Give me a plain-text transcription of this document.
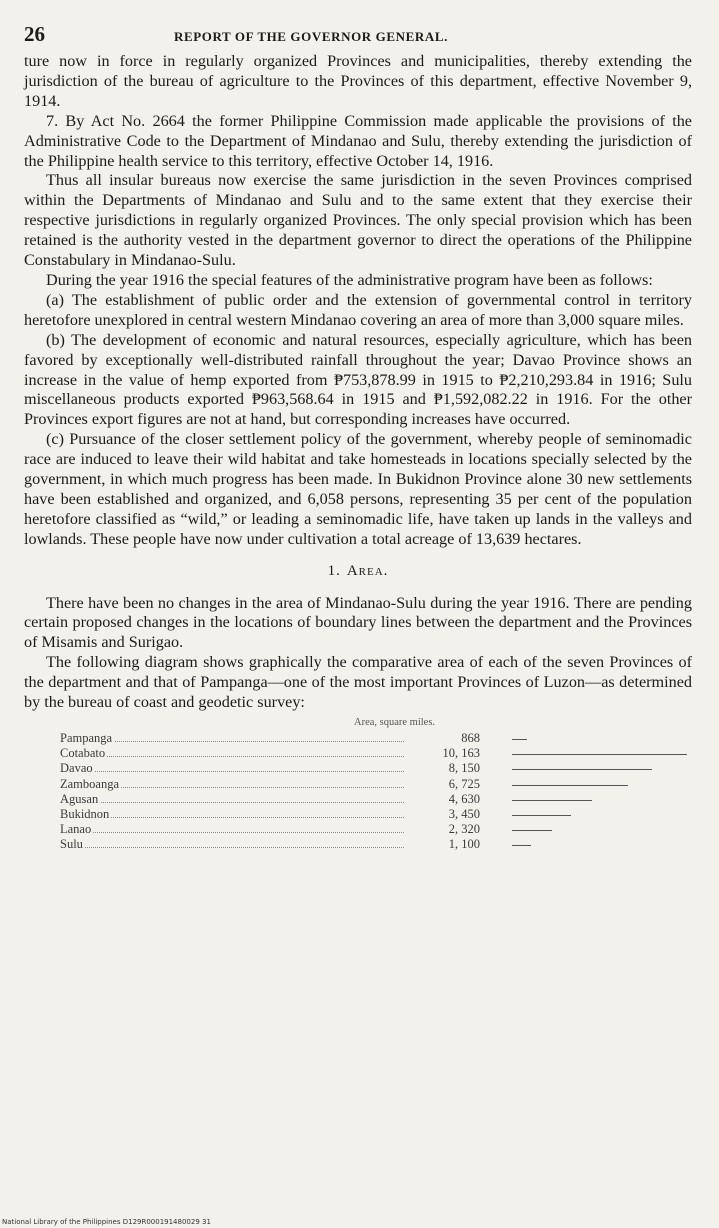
26	REPORT OF THE GOVERNOR GENERAL.

ture now in force in regularly organized Provinces and municipalities, thereby extending the jurisdiction of the bureau of agriculture to the Provinces of this department, effective November 9, 1914.

7. By Act No. 2664 the former Philippine Commission made applicable the provisions of the Administrative Code to the Department of Mindanao and Sulu, thereby extending the jurisdiction of the Philippine health service to this territory, effective October 14, 1916.

Thus all insular bureaus now exercise the same jurisdiction in the seven Provinces comprised within the Departments of Mindanao and Sulu and to the same extent that they exercise their respective jurisdictions in regularly organized Provinces. The only special provision which has been retained is the authority vested in the department governor to direct the operations of the Philippine Constabulary in Mindanao-Sulu.

During the year 1916 the special features of the administrative program have been as follows:

(a) The establishment of public order and the extension of governmental control in territory heretofore unexplored in central western Mindanao covering an area of more than 3,000 square miles.

(b) The development of economic and natural resources, especially agriculture, which has been favored by exceptionally well-distributed rainfall throughout the year; Davao Province shows an increase in the value of hemp exported from ₱753,878.99 in 1915 to ₱2,210,293.84 in 1916; Sulu miscellaneous products exported ₱963,568.64 in 1915 and ₱1,592,082.22 in 1916. For the other Provinces export figures are not at hand, but corresponding increases have occurred.

(c) Pursuance of the closer settlement policy of the government, whereby people of seminomadic race are induced to leave their wild habitat and take homesteads in locations specially selected by the government, in which much progress has been made. In Bukidnon Province alone 30 new settlements have been established and organized, and 6,058 persons, representing 35 per cent of the population heretofore classified as “wild,” or leading a seminomadic life, have taken up lands in the valleys and lowlands. These people have now under cultivation a total acreage of 13,639 hectares.

1. Area.

There have been no changes in the area of Mindanao-Sulu during the year 1916. There are pending certain proposed changes in the locations of boundary lines between the department and the Provinces of Misamis and Surigao.

The following diagram shows graphically the comparative area of each of the seven Provinces of the department and that of Pampanga—one of the most important Provinces of Luzon—as determined by the bureau of coast and geodetic survey:

Area, square miles.
Pampanga	868
Cotabato	10, 163
Davao	8, 150
Zamboanga	6, 725
Agusan	4, 630
Bukidnon	3, 450
Lanao	2, 320
Sulu	1, 100
National Library of the Philippines D129R000191480029 31
